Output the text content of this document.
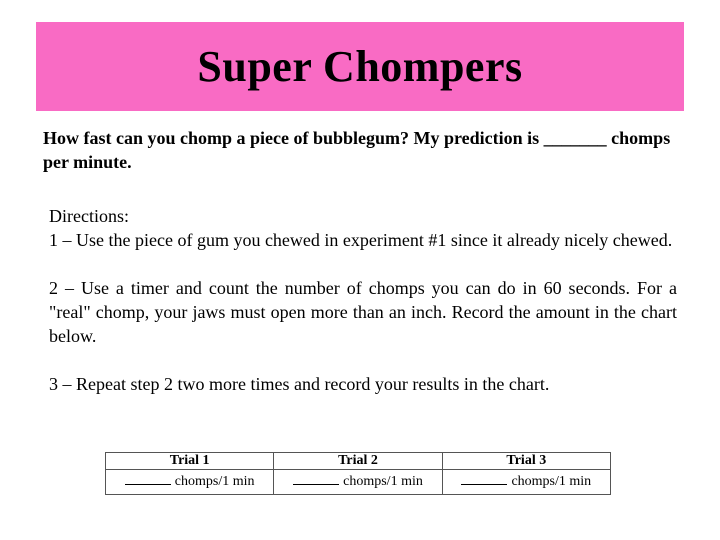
Super Chompers
How fast can you chomp a piece of bubblegum? My prediction is _______ chomps per minute.

Directions:

1 – Use the piece of gum you chewed in experiment #1 since it already nicely chewed.

2 – Use a timer and count the number of chomps you can do in 60 seconds. For a "real" chomp, your jaws must open more than an inch. Record the amount in the chart below.

3 – Repeat step 2 two more times and record your results in the chart.

Trial 1	Trial 2	Trial 3
chomps/1 min	chomps/1 min	chomps/1 min
